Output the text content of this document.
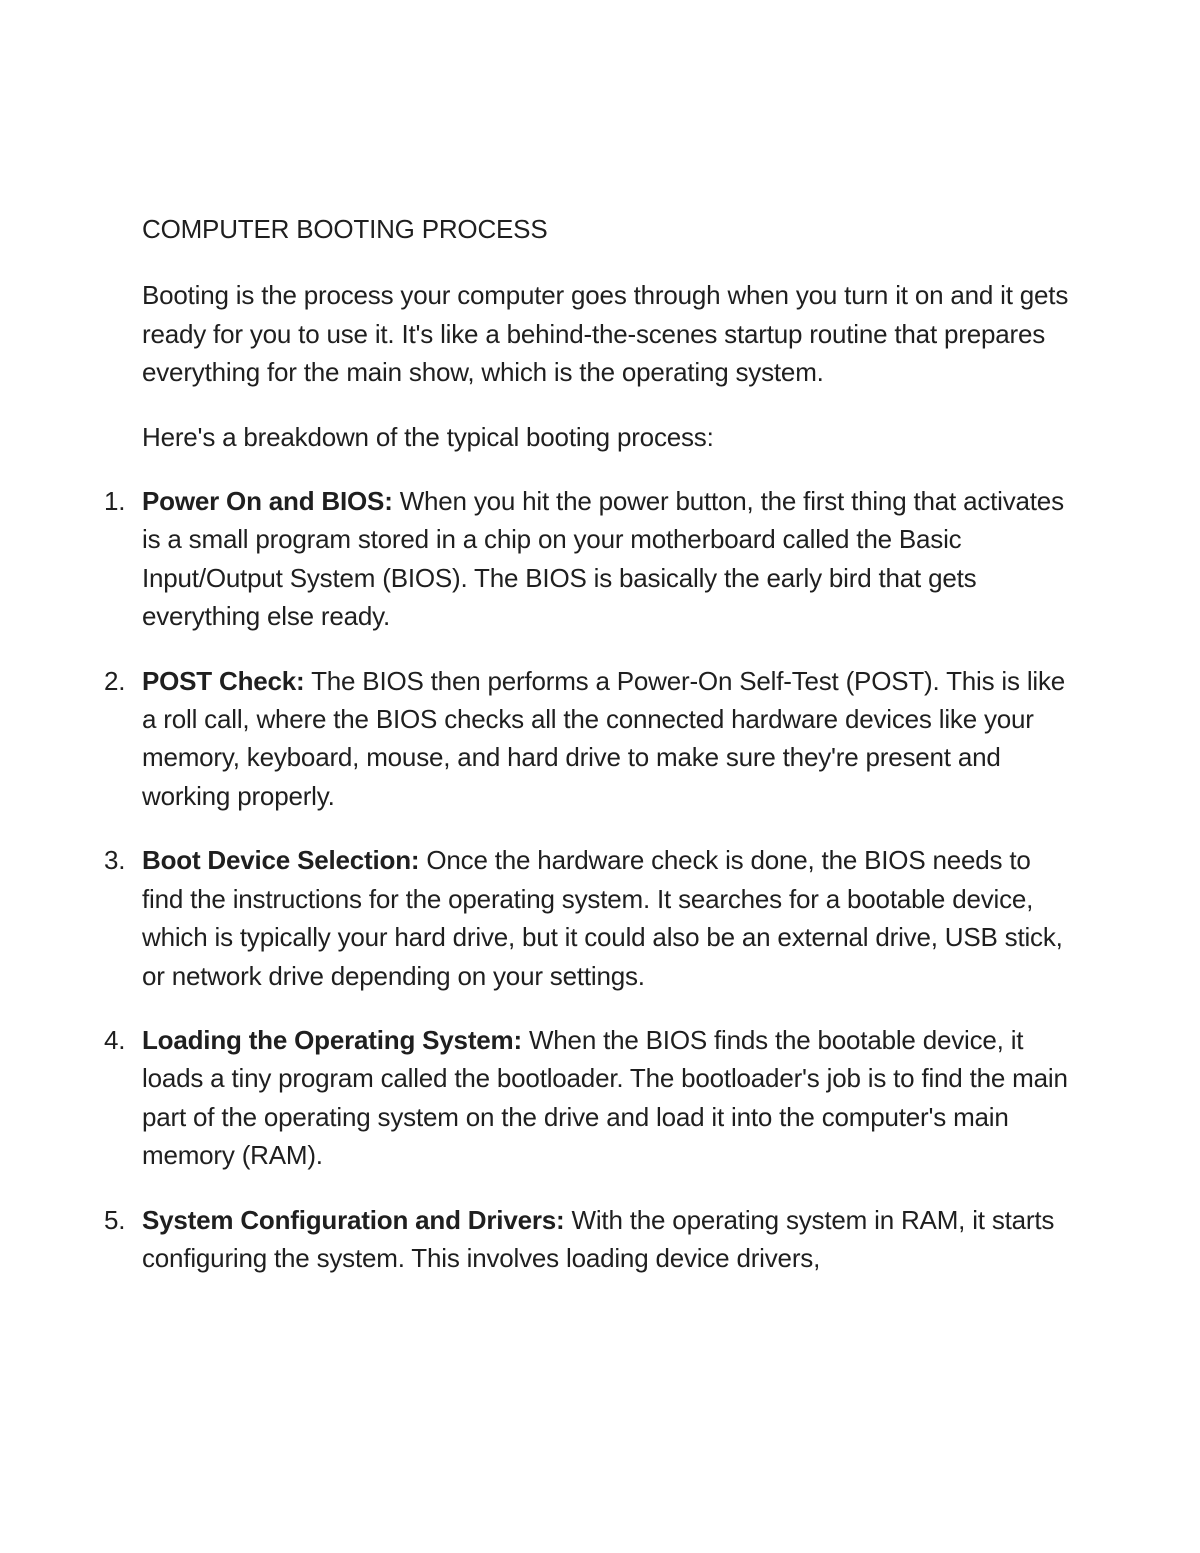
COMPUTER BOOTING PROCESS

Booting is the process your computer goes through when you turn it on and it gets ready for you to use it. It's like a behind-the-scenes startup routine that prepares everything for the main show, which is the operating system.

Here's a breakdown of the typical booting process:

1. Power On and BIOS: When you hit the power button, the first thing that activates is a small program stored in a chip on your motherboard called the Basic Input/Output System (BIOS). The BIOS is basically the early bird that gets everything else ready.
2. POST Check: The BIOS then performs a Power-On Self-Test (POST). This is like a roll call, where the BIOS checks all the connected hardware devices like your memory, keyboard, mouse, and hard drive to make sure they're present and working properly.
3. Boot Device Selection: Once the hardware check is done, the BIOS needs to find the instructions for the operating system. It searches for a bootable device, which is typically your hard drive, but it could also be an external drive, USB stick, or network drive depending on your settings.
4. Loading the Operating System: When the BIOS finds the bootable device, it loads a tiny program called the bootloader. The bootloader's job is to find the main part of the operating system on the drive and load it into the computer's main memory (RAM).
5. System Configuration and Drivers: With the operating system in RAM, it starts configuring the system. This involves loading device drivers,
